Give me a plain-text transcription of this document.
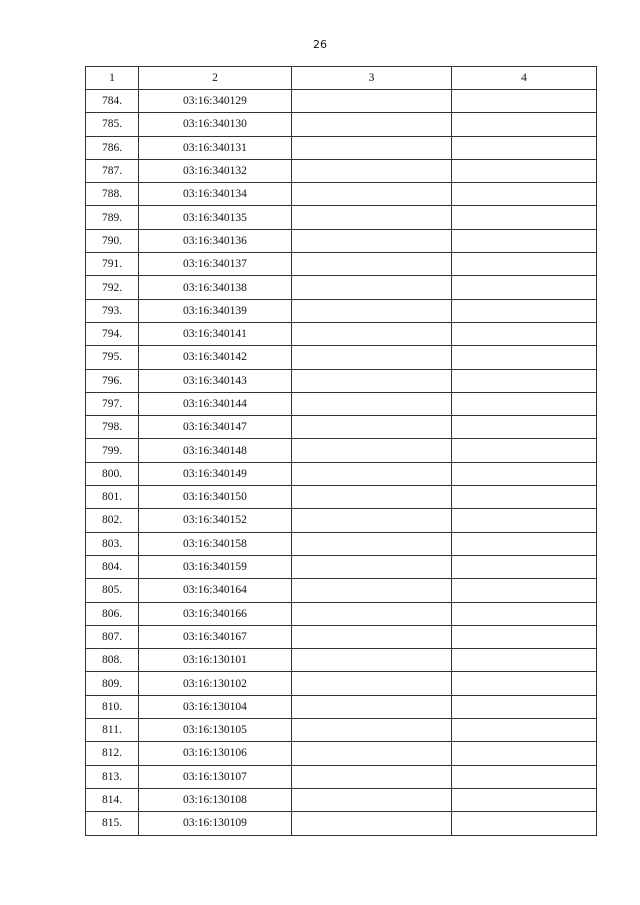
26
1	2	3	4
784.	03:16:340129		
785.	03:16:340130		
786.	03:16:340131		
787.	03:16:340132		
788.	03:16:340134		
789.	03:16:340135		
790.	03:16:340136		
791.	03:16:340137		
792.	03:16:340138		
793.	03:16:340139		
794.	03:16:340141		
795.	03:16:340142		
796.	03:16:340143		
797.	03:16:340144		
798.	03:16:340147		
799.	03:16:340148		
800.	03:16:340149		
801.	03:16:340150		
802.	03:16:340152		
803.	03:16:340158		
804.	03:16:340159		
805.	03:16:340164		
806.	03:16:340166		
807.	03:16:340167		
808.	03:16:130101		
809.	03:16:130102		
810.	03:16:130104		
811.	03:16:130105		
812.	03:16:130106		
813.	03:16:130107		
814.	03:16:130108		
815.	03:16:130109		
